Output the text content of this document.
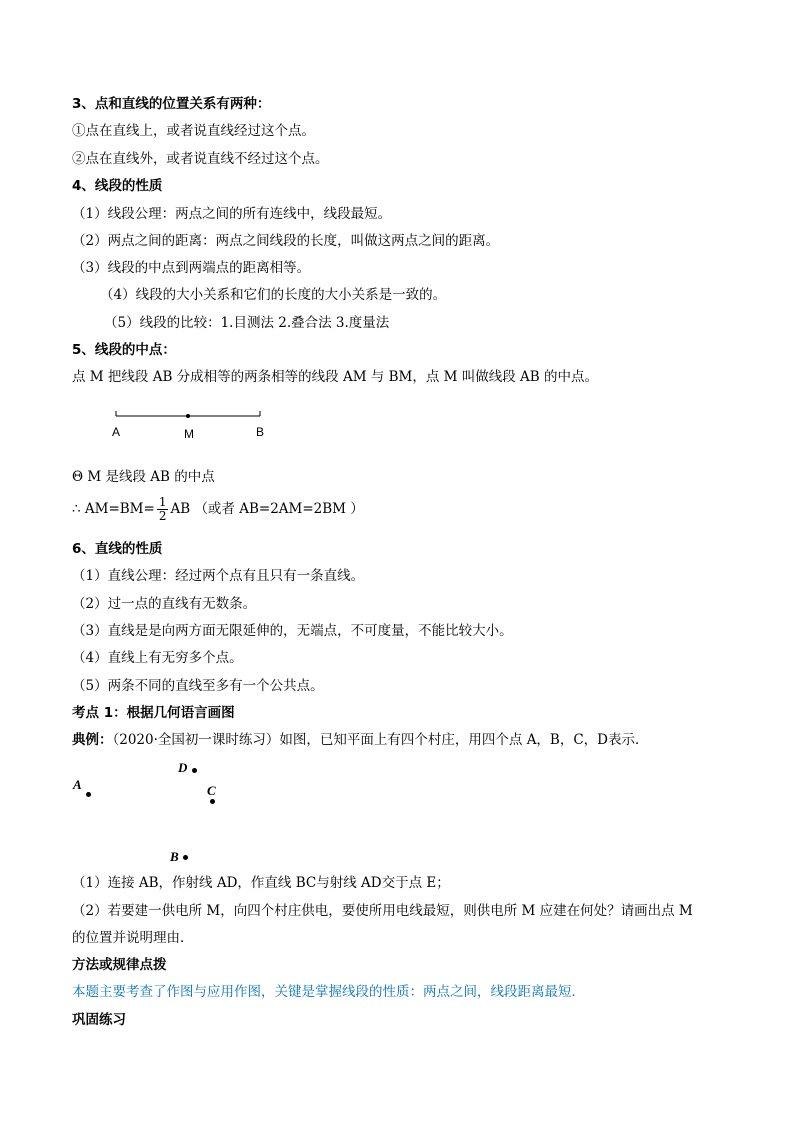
3、点和直线的位置关系有两种：
①点在直线上，或者说直线经过这个点。
②点在直线外，或者说直线不经过这个点。
4、线段的性质
（1）线段公理：两点之间的所有连线中，线段最短。
（2）两点之间的距离：两点之间线段的长度，叫做这两点之间的距离。
（3）线段的中点到两端点的距离相等。
（4）线段的大小关系和它们的长度的大小关系是一致的。
（5）线段的比较：1.目测法 2.叠合法 3.度量法
5、线段的中点：
点 M 把线段 AB 分成相等的两条相等的线段 AM 与 BM，点 M 叫做线段 AB 的中点。
A	M	B
Θ M 是线段 AB 的中点
∴ $AM=BM= \frac{1}{2}$ AB （或者 AB=2AM=2BM ）
6、直线的性质
（1）直线公理：经过两个点有且只有一条直线。
（2）过一点的直线有无数条。
（3）直线是是向两方面无限延伸的，无端点，不可度量，不能比较大小。
（4）直线上有无穷多个点。
（5）两条不同的直线至多有一个公共点。
考点 1：根据几何语言画图
典例：（2020·全国初一课时练习）如图，已知平面上有四个村庄，用四个点 A，B，C，D表示．
D
A	C
B
（1）连接 AB，作射线 AD，作直线 BC与射线 AD交于点 E；
（2）若要建一供电所 M，向四个村庄供电，要使所用电线最短，则供电所 M 应建在何处？请画出点 M
的位置并说明理由．
方法或规律点拨
本题主要考查了作图与应用作图，关键是掌握线段的性质：两点之间，线段距离最短．
巩固练习
